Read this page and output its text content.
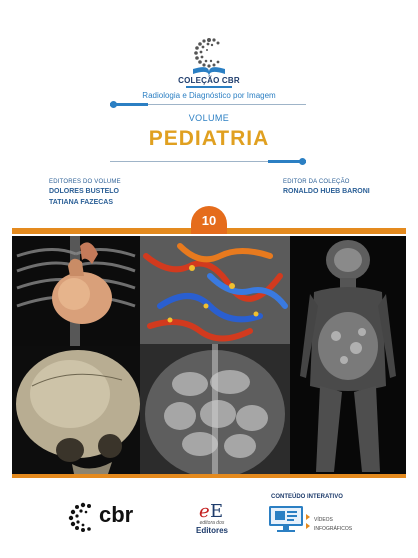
COLEÇÃO CBR
Radiologia e Diagnóstico por Imagem
VOLUME
PEDIATRIA
EDITORES DO VOLUME
DOLORES BUSTELO
TATIANA FAZECAS
EDITOR DA COLEÇÃO
RONALDO HUEB BARONI
10
cbr	e E
editora dos
Editores
CONTEÚDO INTERATIVO
VÍDEOS
INFOGRÁFICOS
